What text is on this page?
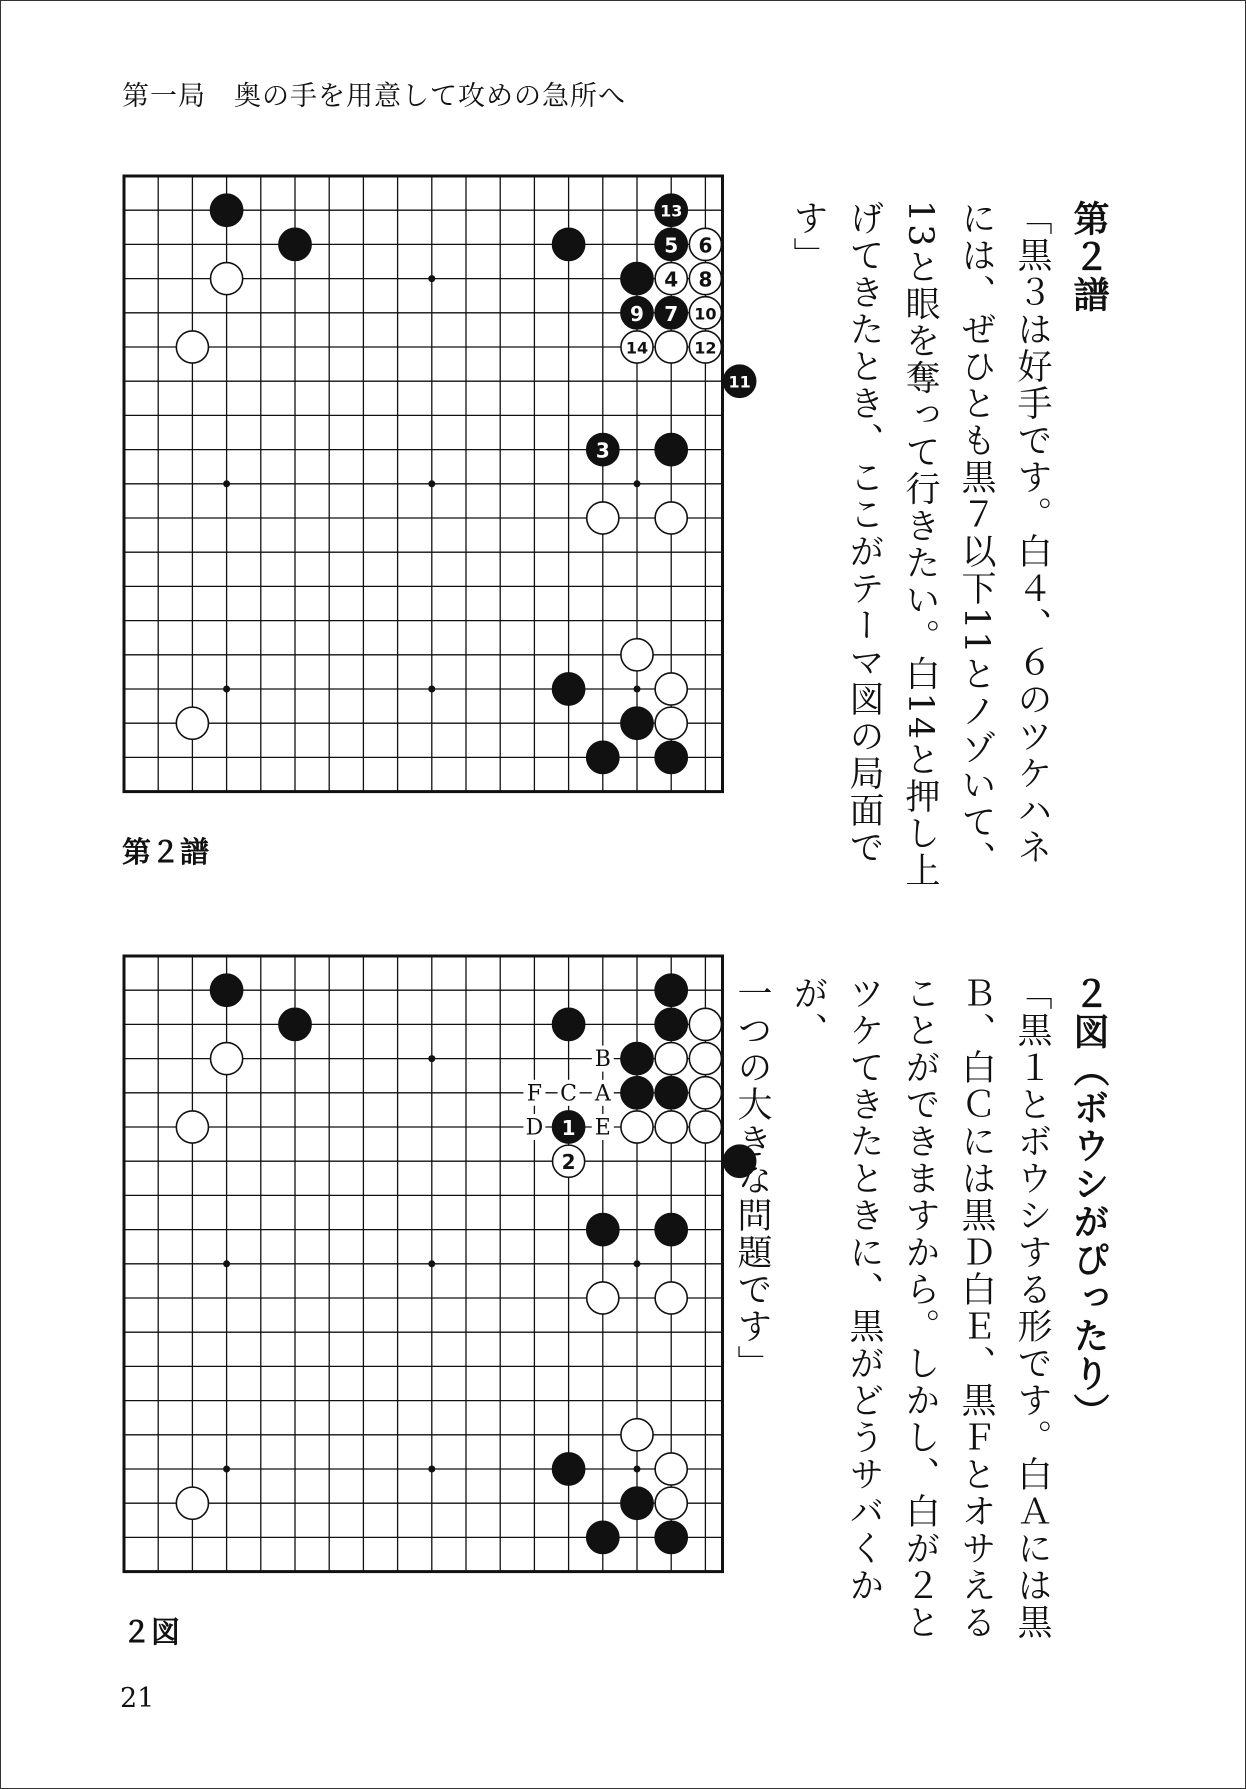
第一局　奥の手を用意して攻めの急所へ
13
5 6
4 8
9 7 10
14	12
11
3
第２譜
1
2
B
A
C
F
D E
２図
第２譜
「黒３は好手です。白４、６のツケハネ
には、ぜひとも黒７以下11とノゾいて、
13と眼を奪って行きたい。白14と押し上
げてきたとき、ここがテーマ図の局面で
す」
２図（ボウシがぴったり）
「黒１とボウシする形です。白Ａには黒
Ｂ、白Ｃには黒Ｄ白Ｅ、黒Ｆとオサえる
ことができますから。しかし、白が２と
ツケてきたときに、黒がどうサバくかが、
一つの大きな問題です」
21
